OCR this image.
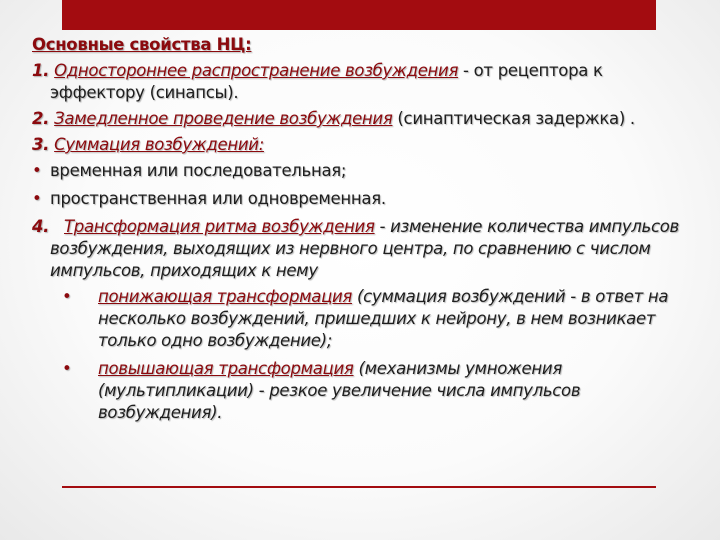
Основные свойства НЦ:
1. Одностороннее распространение возбуждения - от рецептора к эффектору (синапсы).
2. Замедленное проведение возбуждения (синаптическая задержка) .
3. Суммация возбуждений:
• временная или последовательная;
• пространственная или одновременная.
4. Трансформация ритма возбуждения - изменение количества импульсов возбуждения, выходящих из нервного центра, по сравнению с числом импульсов, приходящих к нему
• понижающая трансформация (суммация возбуждений - в ответ на несколько возбуждений, пришедших к нейрону, в нем возникает только одно возбуждение);
• повышающая трансформация (механизмы умножения (мультипликации) - резкое увеличение числа импульсов возбуждения).
